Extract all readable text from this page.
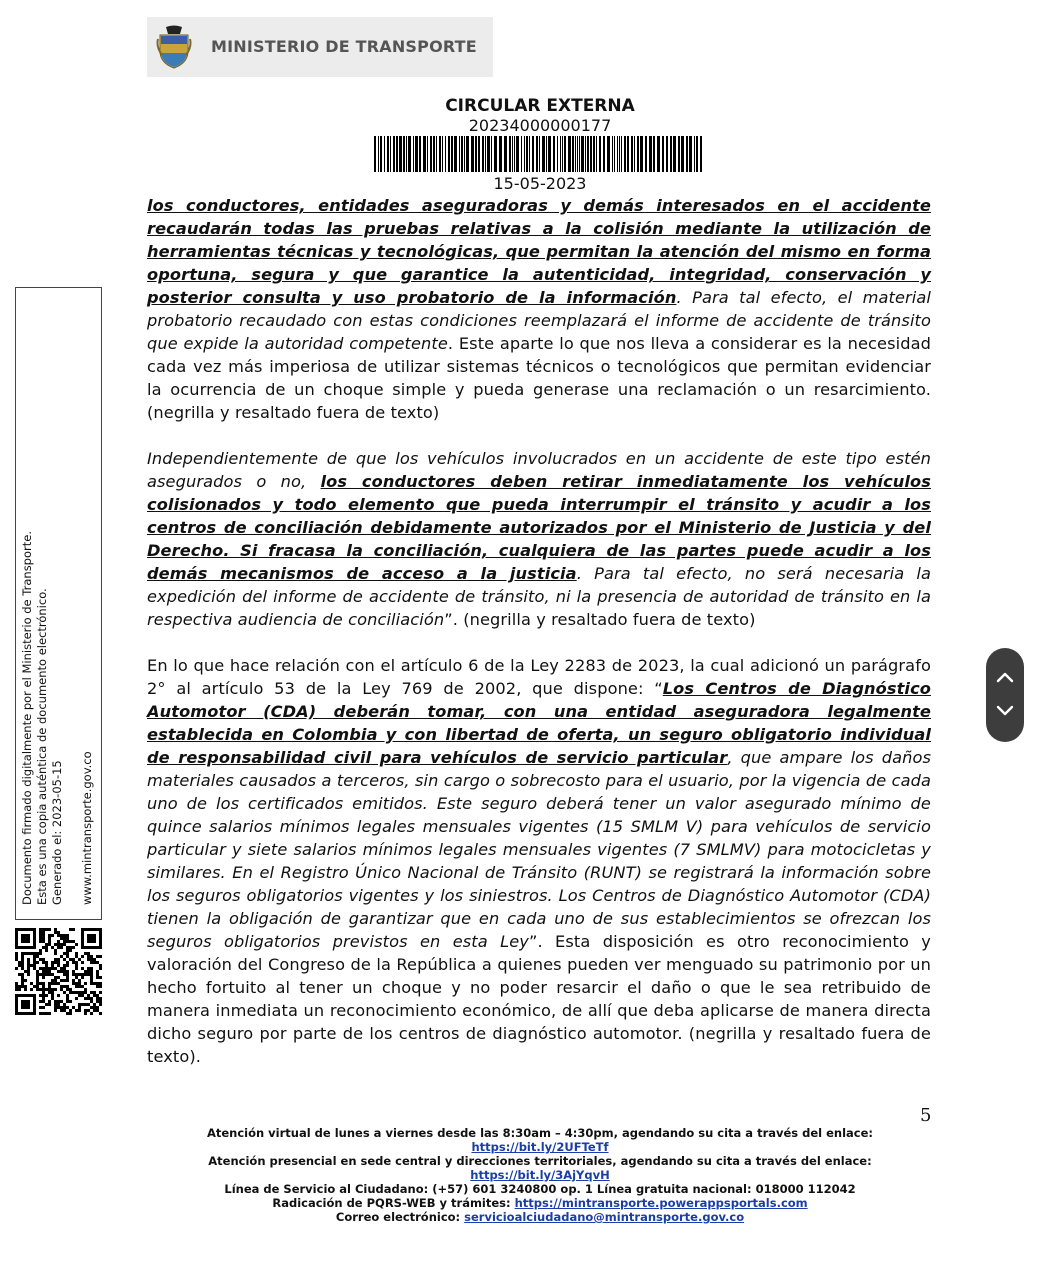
MINISTERIO DE TRANSPORTE
CIRCULAR EXTERNA
20234000000177
15-05-2023

los conductores, entidades aseguradoras y demás interesados en el accidente recaudarán todas las pruebas relativas a la colisión mediante la utilización de herramientas técnicas y tecnológicas, que permitan la atención del mismo en forma oportuna, segura y que garantice la autenticidad, integridad, conservación y posterior consulta y uso probatorio de la información. Para tal efecto, el material probatorio recaudado con estas condiciones reemplazará el informe de accidente de tránsito que expide la autoridad competente. Este aparte lo que nos lleva a considerar es la necesidad cada vez más imperiosa de utilizar sistemas técnicos o tecnológicos que permitan evidenciar la ocurrencia de un choque simple y pueda generase una reclamación o un resarcimiento. (negrilla y resaltado fuera de texto)

Independientemente de que los vehículos involucrados en un accidente de este tipo estén asegurados o no, los conductores deben retirar inmediatamente los vehículos colisionados y todo elemento que pueda interrumpir el tránsito y acudir a los centros de conciliación debidamente autorizados por el Ministerio de Justicia y del Derecho. Si fracasa la conciliación, cualquiera de las partes puede acudir a los demás mecanismos de acceso a la justicia. Para tal efecto, no será necesaria la expedición del informe de accidente de tránsito, ni la presencia de autoridad de tránsito en la respectiva audiencia de conciliación”. (negrilla y resaltado fuera de texto)

En lo que hace relación con el artículo 6 de la Ley 2283 de 2023, la cual adicionó un parágrafo 2° al artículo 53 de la Ley 769 de 2002, que dispone: “Los Centros de Diagnóstico Automotor (CDA) deberán tomar, con una entidad aseguradora legalmente establecida en Colombia y con libertad de oferta, un seguro obligatorio individual de responsabilidad civil para vehículos de servicio particular, que ampare los daños materiales causados a terceros, sin cargo o sobrecosto para el usuario, por la vigencia de cada uno de los certificados emitidos. Este seguro deberá tener un valor asegurado mínimo de quince salarios mínimos legales mensuales vigentes (15 SMLM V) para vehículos de servicio particular y siete salarios mínimos legales mensuales vigentes (7 SMLMV) para motocicletas y similares. En el Registro Único Nacional de Tránsito (RUNT) se registrará la información sobre los seguros obligatorios vigentes y los siniestros. Los Centros de Diagnóstico Automotor (CDA) tienen la obligación de garantizar que en cada uno de sus establecimientos se ofrezcan los seguros obligatorios previstos en esta Ley”. Esta disposición es otro reconocimiento y valoración del Congreso de la República a quienes pueden ver menguado su patrimonio por un hecho fortuito al tener un choque y no poder resarcir el daño o que le sea retribuido de manera inmediata un reconocimiento económico, de allí que deba aplicarse de manera directa dicho seguro por parte de los centros de diagnóstico automotor. (negrilla y resaltado fuera de texto).

Documento firmado digitalmente por el Ministerio de Transporte. Esta es una copia auténtica de documento electrónico. Generado el: 2023-05-15 www.mintransporte.gov.co
5
Atención virtual de lunes a viernes desde las 8:30am – 4:30pm, agendando su cita a través del enlace:
https://bit.ly/2UFTeTf
Atención presencial en sede central y direcciones territoriales, agendando su cita a través del enlace:
https://bit.ly/3AjYqvH
Línea de Servicio al Ciudadano: (+57) 601 3240800 op. 1 Línea gratuita nacional: 018000 112042
Radicación de PQRS-WEB y trámites: https://mintransporte.powerappsportals.com
Correo electrónico: servicioalciudadano@mintransporte.gov.co
